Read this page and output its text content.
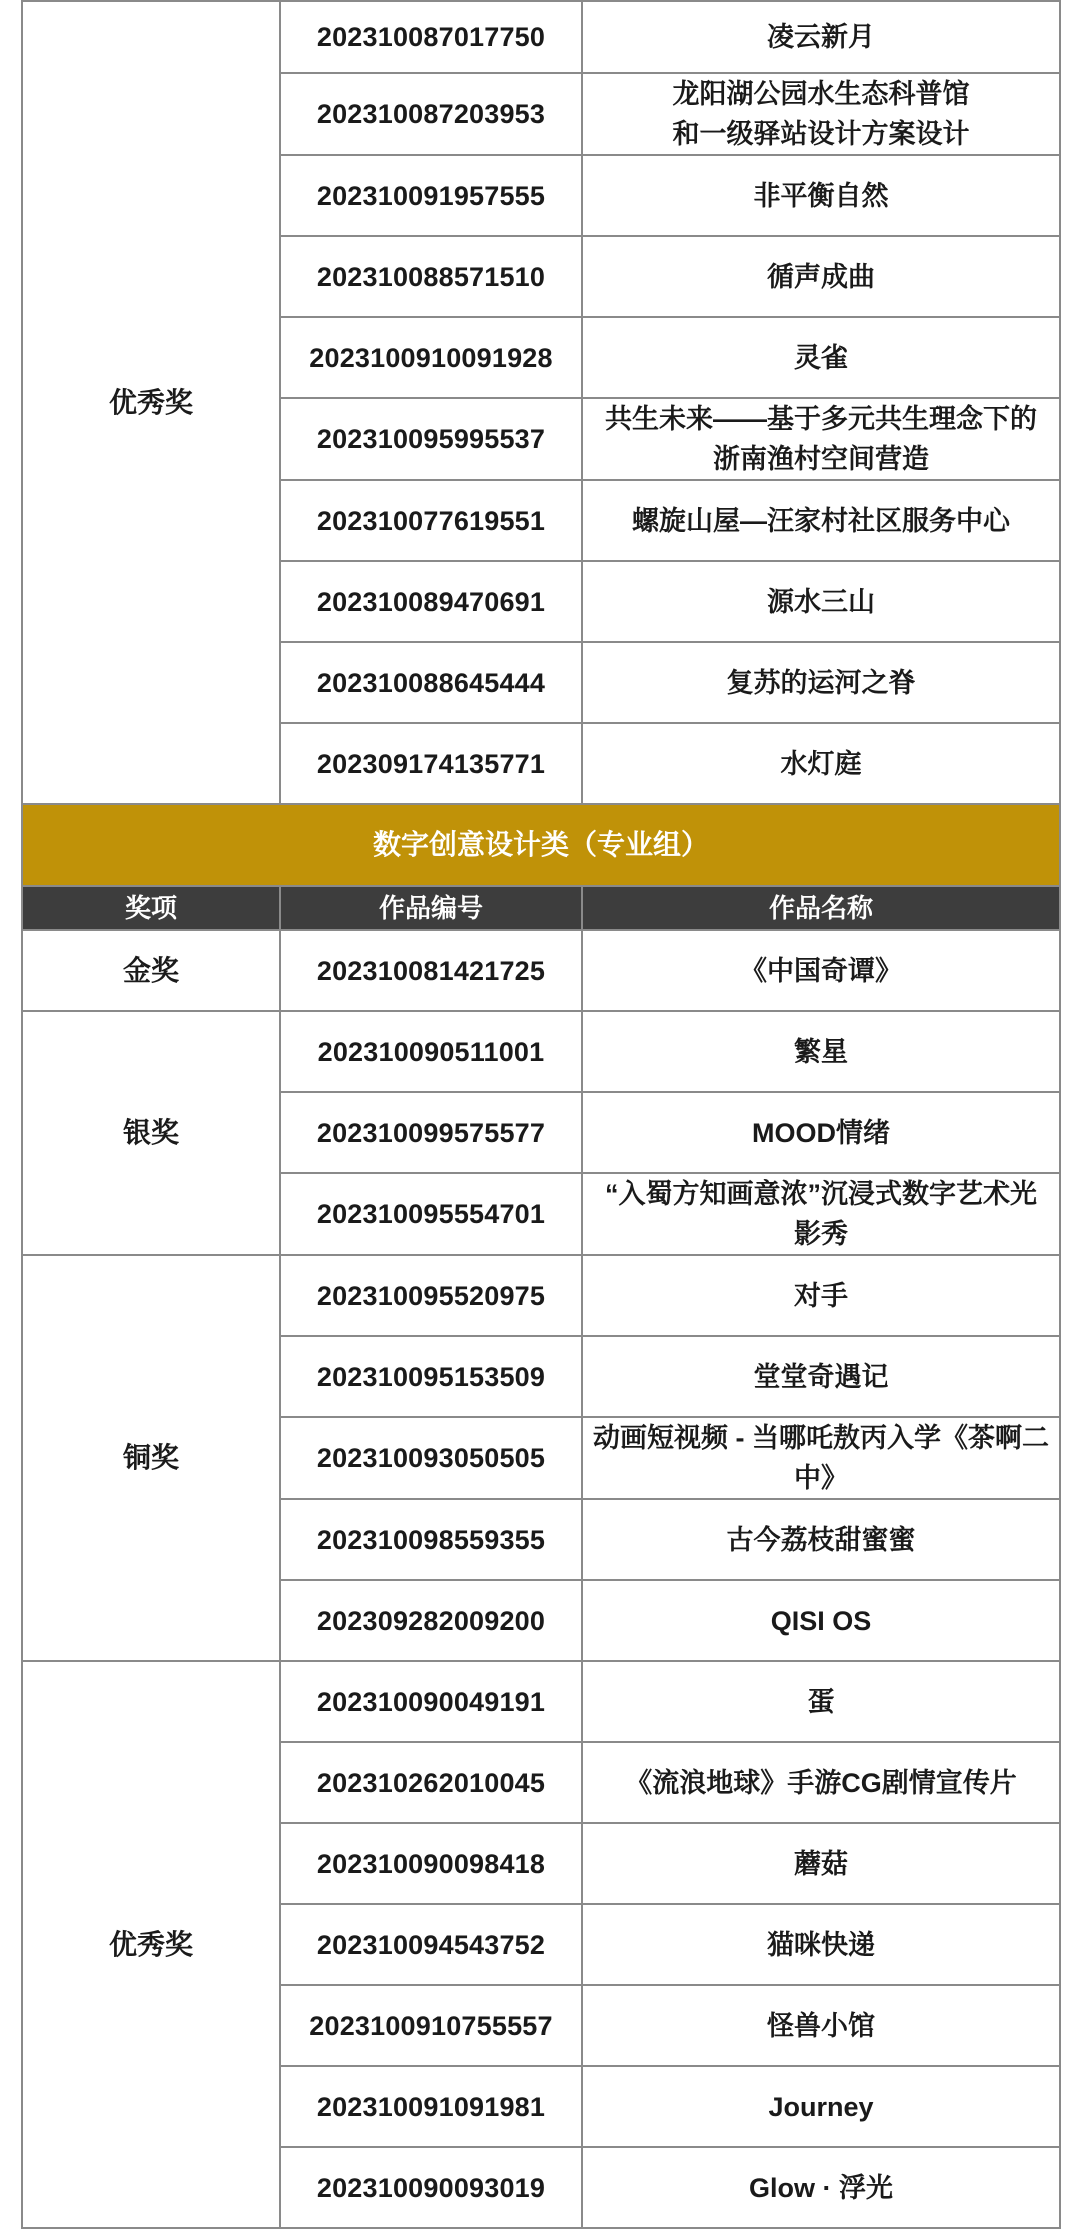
优秀奖	202310087017750	凌云新月
	202310087203953	龙阳湖公园水生态科普馆
和一级驿站设计方案设计
	202310091957555	非平衡自然
	202310088571510	循声成曲
	2023100910091928	灵雀
	202310095995537	共生未来——基于多元共生理念下的
浙南渔村空间营造
	202310077619551	螺旋山屋—汪家村社区服务中心
	202310089470691	源水三山
	202310088645444	复苏的运河之脊
	202309174135771	水灯庭
数字创意设计类（专业组）		
奖项	作品编号	作品名称
金奖	202310081421725	《中国奇谭》
银奖	202310090511001	繁星
	202310099575577	MOOD情绪
	202310095554701	“入蜀方知画意浓”沉浸式数字艺术光
影秀
铜奖	202310095520975	对手
	202310095153509	堂堂奇遇记
	202310093050505	动画短视频 - 当哪吒敖丙入学《茶啊二
中》
	202310098559355	古今荔枝甜蜜蜜
	202309282009200	QISI OS
优秀奖	202310090049191	蛋
	202310262010045	《流浪地球》手游CG剧情宣传片
	202310090098418	蘑菇
	202310094543752	猫咪快递
	2023100910755557	怪兽小馆
	202310091091981	Journey
	202310090093019	Glow · 浮光
